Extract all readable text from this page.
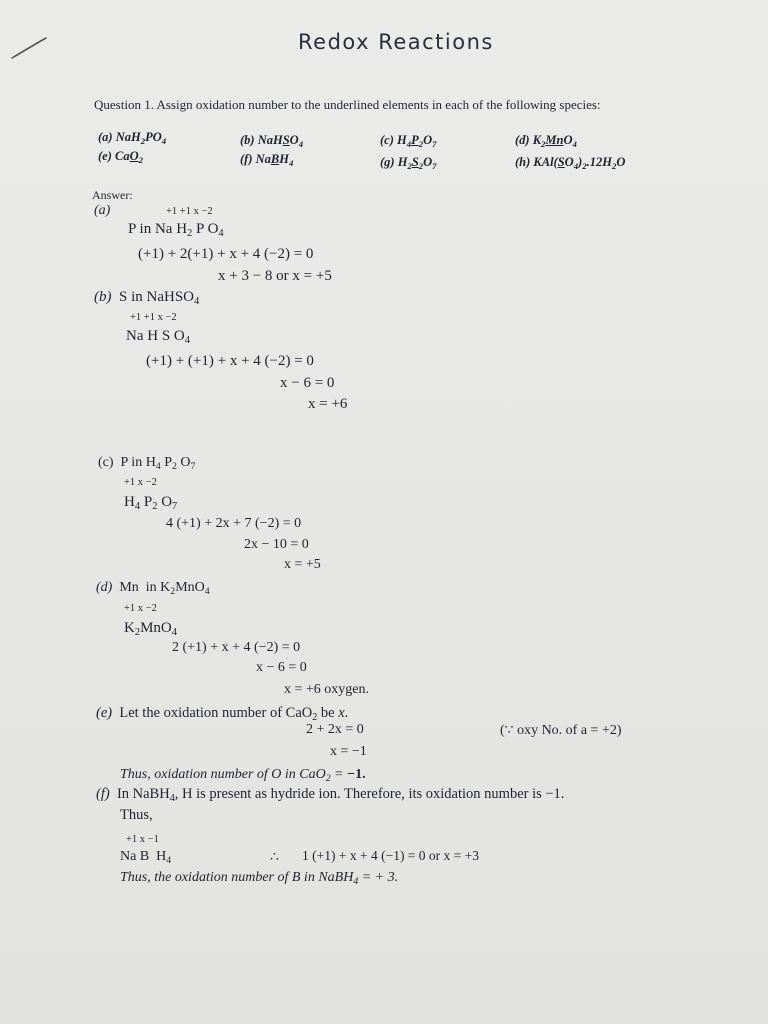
Redox Reactions
Question 1. Assign oxidation number to the underlined elements in each of the following species:
(a) $NaH_2PO_4$	(b) NaHSO$_4$	(c) $H_4P_2O_7$	(d) $K_2MnO_4$
(e) CaO$_2$	(f) NaBH$_4$	(g) $H_2S_2O_7$	(h) $KAl(SO_4)_2.12H_2O$
Answer:
(a)	+1 +1 x −2
P in Na $H_2$ P $O_4$
(+1) + 2(+1) + x + 4 (−2) = 0
x + 3 − 8 or x = +5
(b)  S in NaHSO$_4$
+1 +1 x −2
Na H S $O_4$
(+1) + (+1) + x + 4 (−2) = 0
x − 6 = 0
x = +6
(c)  P in $H_4$ $P_2$ $O_7$
+1 x −2
$H_4$ $P_2$ $O_7$
4 (+1) + 2x + 7 (−2) = 0
2x − 10 = 0
x = +5
(d)  Mn  in $K_2MnO_4$
+1 x −2
$K_2MnO_4$
2 (+1) + x + 4 (−2) = 0
x − 6 = 0
x = +6 oxygen.
(e)  Let the oxidation number of CaO$_2$ be x.
2 + 2x = 0	(∵ oxy No. of a = +2)
x = −1
Thus, oxidation number of O in CaO$_2$ = −1.
(f)  In NaBH$_4$, H is present as hydride ion. Therefore, its oxidation number is −1.
Thus,
+1 x −1
Na B  $H_4$	∴ 1 (+1) + x + 4 (−1) = 0 or x = +3
Thus, the oxidation number of B in NaBH$_4$ = + 3.
